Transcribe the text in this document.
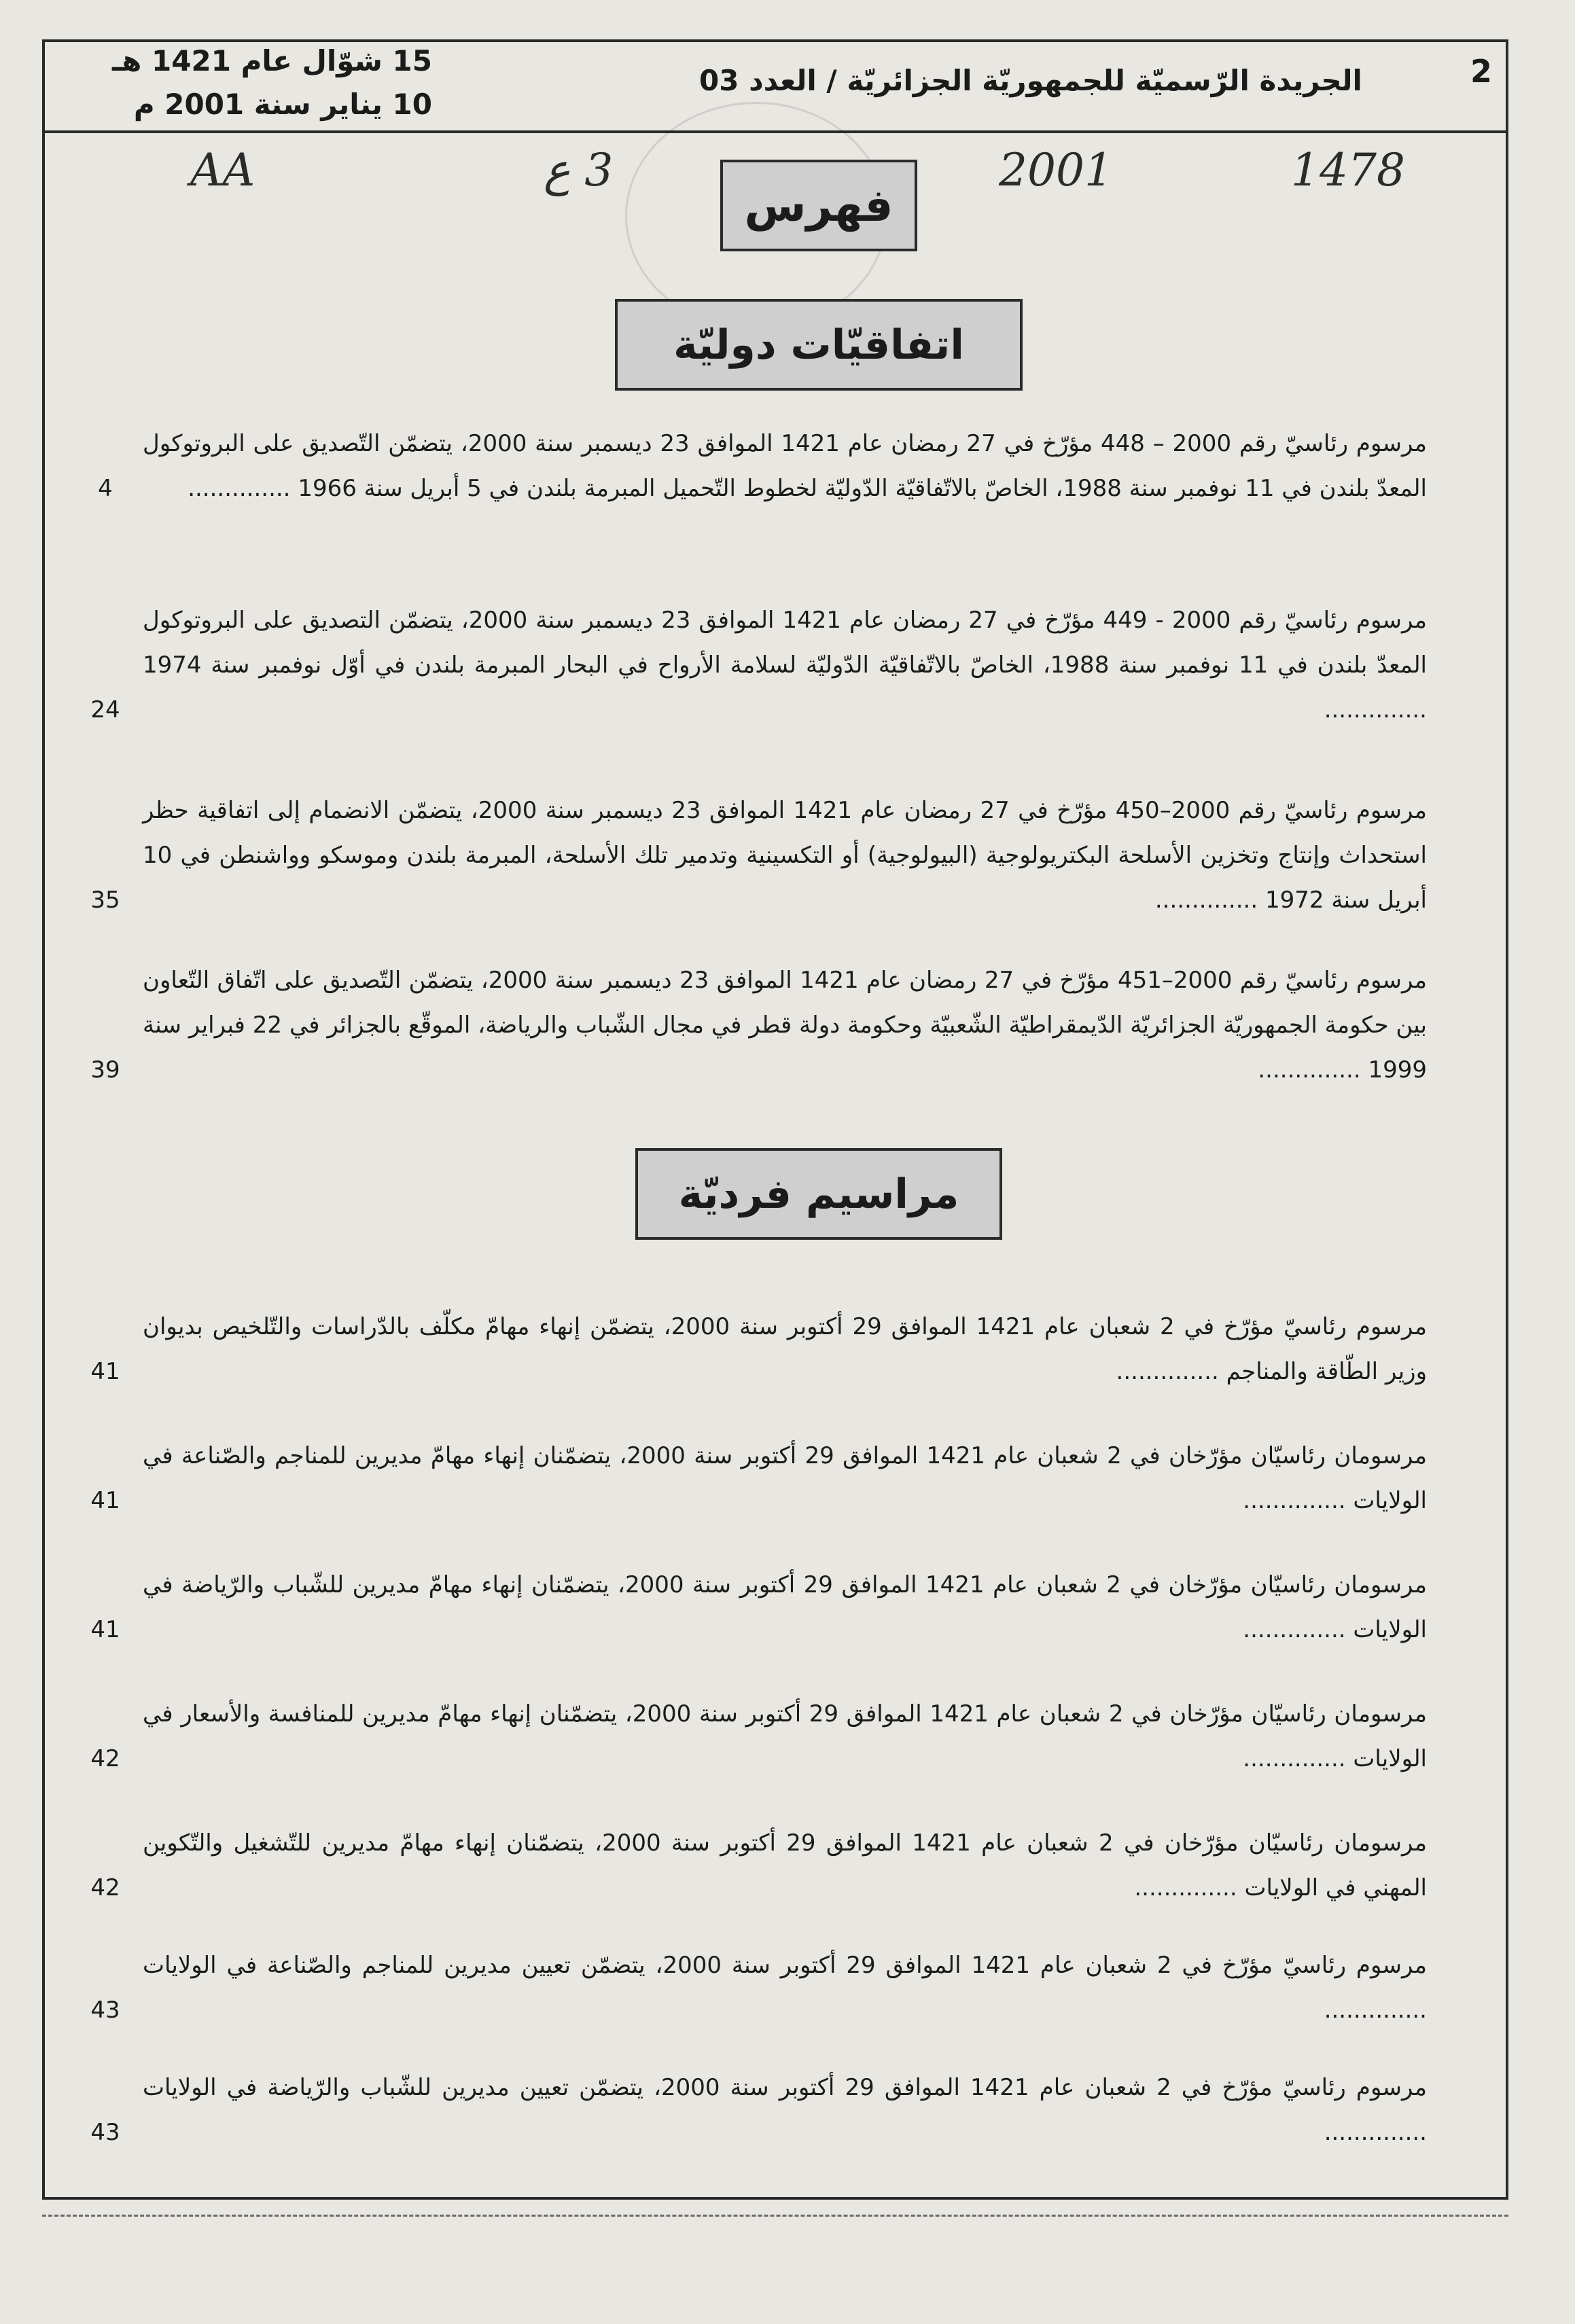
2
الجريدة الرّسميّة للجمهوريّة الجزائريّة / العدد 03
15 شوّال عام 1421 هـ
10 يناير سنة 2001 م
1478
2001
3 ع
AA
فهرس
اتفاقيّات دوليّة
مرسوم رئاسيّ رقم 2000 – 448 مؤرّخ في 27 رمضان عام 1421 الموافق 23 ديسمبر سنة 2000، يتضمّن التّصديق على البروتوكول المعدّ بلندن في 11 نوفمبر سنة 1988، الخاصّ بالاتّفاقيّة الدّوليّة لخطوط التّحميل المبرمة بلندن في 5 أبريل سنة 1966 ..............
4
مرسوم رئاسيّ رقم 2000 - 449 مؤرّخ في 27 رمضان عام 1421 الموافق 23 ديسمبر سنة 2000، يتضمّن التصديق على البروتوكول المعدّ بلندن في 11 نوفمبر سنة 1988، الخاصّ بالاتّفاقيّة الدّوليّة لسلامة الأرواح في البحار المبرمة بلندن في أوّل نوفمبر سنة 1974 ..............
24
مرسوم رئاسيّ رقم 2000–450 مؤرّخ في 27 رمضان عام 1421 الموافق 23 ديسمبر سنة 2000، يتضمّن الانضمام إلى اتفاقية حظر استحداث وإنتاج وتخزين الأسلحة البكتريولوجية (البيولوجية) أو التكسينية وتدمير تلك الأسلحة، المبرمة بلندن وموسكو وواشنطن في 10 أبريل سنة 1972 ..............
35
مرسوم رئاسيّ رقم 2000–451 مؤرّخ في 27 رمضان عام 1421 الموافق 23 ديسمبر سنة 2000، يتضمّن التّصديق على اتّفاق التّعاون بين حكومة الجمهوريّة الجزائريّة الدّيمقراطيّة الشّعبيّة وحكومة دولة قطر في مجال الشّباب والرياضة، الموقّع بالجزائر في 22 فبراير سنة 1999 ..............
39
مراسيم فرديّة
مرسوم رئاسيّ مؤرّخ في 2 شعبان عام 1421 الموافق 29 أكتوبر سنة 2000، يتضمّن إنهاء مهامّ مكلّف بالدّراسات والتّلخيص بديوان وزير الطّاقة والمناجم ..............
41
مرسومان رئاسيّان مؤرّخان في 2 شعبان عام 1421 الموافق 29 أكتوبر سنة 2000، يتضمّنان إنهاء مهامّ مديرين للمناجم والصّناعة في الولايات ..............
41
مرسومان رئاسيّان مؤرّخان في 2 شعبان عام 1421 الموافق 29 أكتوبر سنة 2000، يتضمّنان إنهاء مهامّ مديرين للشّباب والرّياضة في الولايات ..............
41
مرسومان رئاسيّان مؤرّخان في 2 شعبان عام 1421 الموافق 29 أكتوبر سنة 2000، يتضمّنان إنهاء مهامّ مديرين للمنافسة والأسعار في الولايات ..............
42
مرسومان رئاسيّان مؤرّخان في 2 شعبان عام 1421 الموافق 29 أكتوبر سنة 2000، يتضمّنان إنهاء مهامّ مديرين للتّشغيل والتّكوين المهني في الولايات ..............
42
مرسوم رئاسيّ مؤرّخ في 2 شعبان عام 1421 الموافق 29 أكتوبر سنة 2000، يتضمّن تعيين مديرين للمناجم والصّناعة في الولايات ..............
43
مرسوم رئاسيّ مؤرّخ في 2 شعبان عام 1421 الموافق 29 أكتوبر سنة 2000، يتضمّن تعيين مديرين للشّباب والرّياضة في الولايات ..............
43
